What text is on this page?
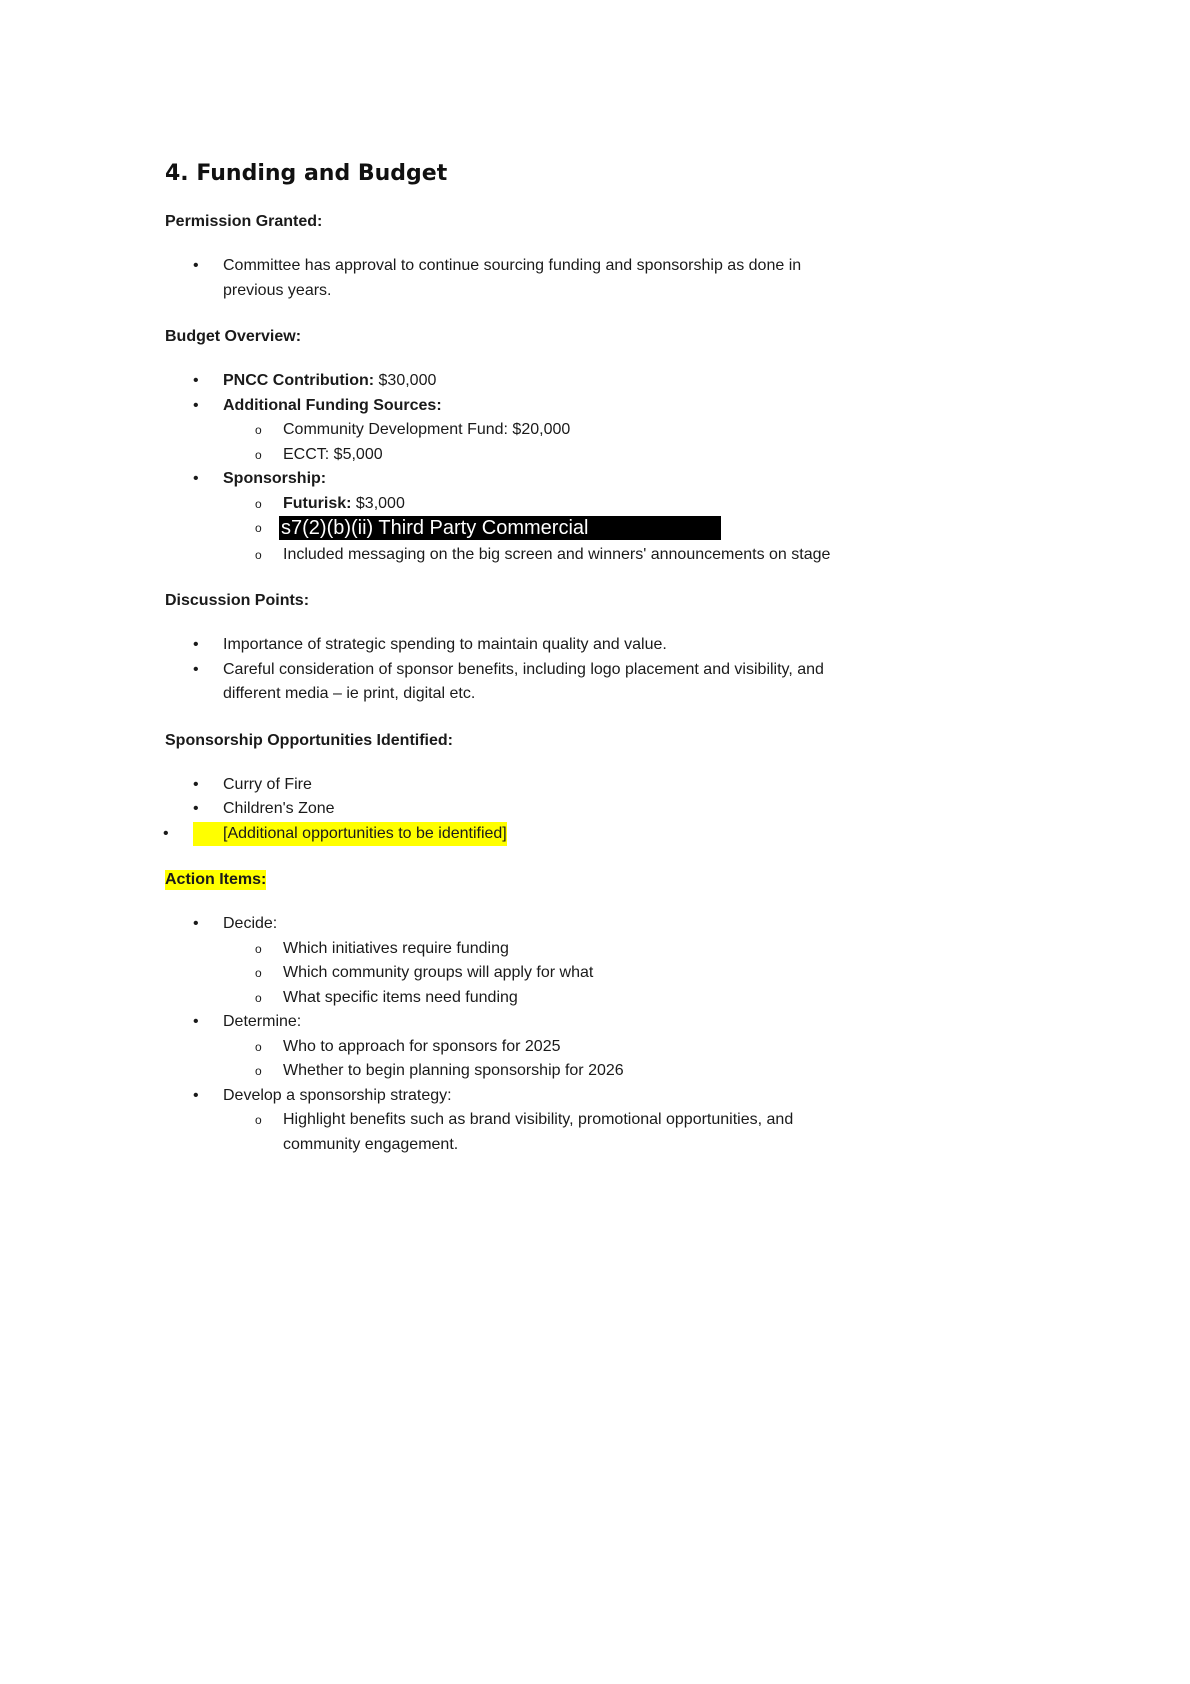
4. Funding and Budget
Permission Granted:
• Committee has approval to continue sourcing funding and sponsorship as done in previous years.
Budget Overview:
• PNCC Contribution: $30,000
• Additional Funding Sources:
o Community Development Fund: $20,000
o ECCT: $5,000
• Sponsorship:
o Futurisk: $3,000
o s7(2)(b)(ii) Third Party Commercial
o Included messaging on the big screen and winners' announcements on stage
Discussion Points:
• Importance of strategic spending to maintain quality and value.
• Careful consideration of sponsor benefits, including logo placement and visibility, and different media – ie print, digital etc.
Sponsorship Opportunities Identified:
• Curry of Fire
• Children's Zone
• [Additional opportunities to be identified]
Action Items:
• Decide:
o Which initiatives require funding
o Which community groups will apply for what
o What specific items need funding
• Determine:
o Who to approach for sponsors for 2025
o Whether to begin planning sponsorship for 2026
• Develop a sponsorship strategy:
o Highlight benefits such as brand visibility, promotional opportunities, and community engagement.
